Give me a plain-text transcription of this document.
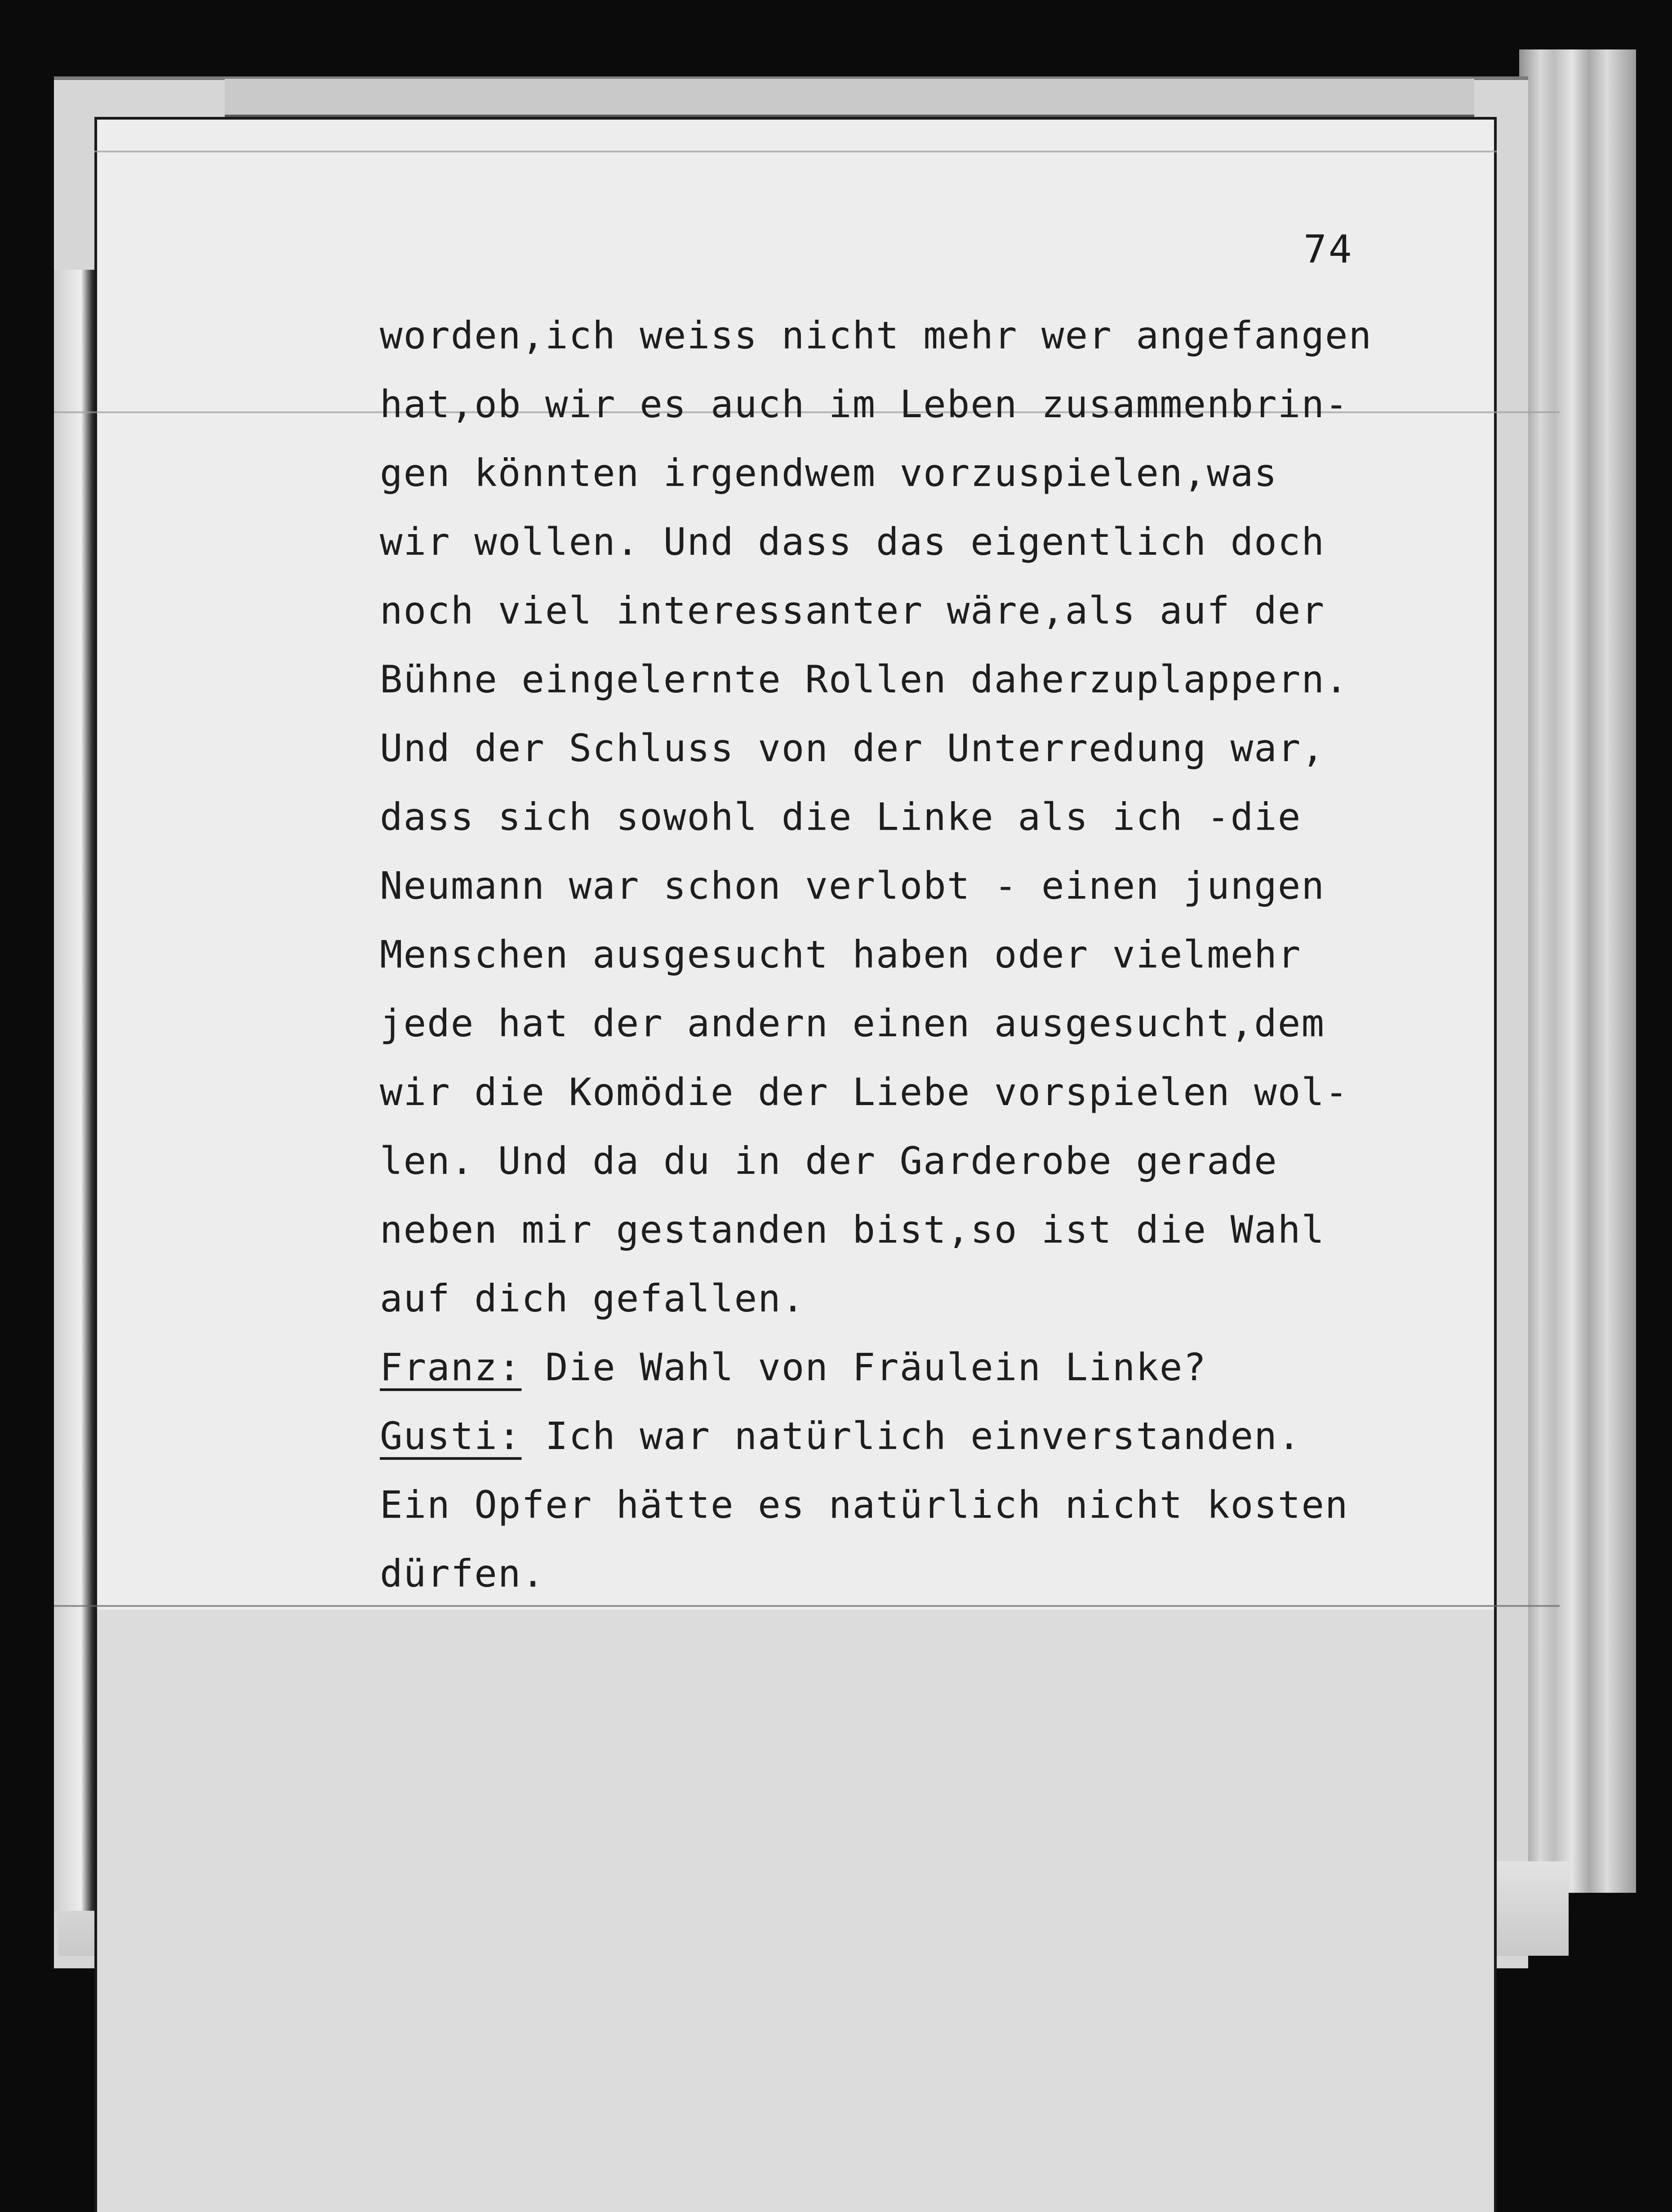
74
worden,ich weiss nicht mehr wer angefangen
hat,ob wir es auch im Leben zusammenbrin-
gen könnten irgendwem vorzuspielen,was
wir wollen. Und dass das eigentlich doch
noch viel interessanter wäre,als auf der
Bühne eingelernte Rollen daherzuplappern.
Und der Schluss von der Unterredung war,
dass sich sowohl die Linke als ich -die
Neumann war schon verlobt - einen jungen
Menschen ausgesucht haben oder vielmehr
jede hat der andern einen ausgesucht,dem
wir die Komödie der Liebe vorspielen wol-
len. Und da du in der Garderobe gerade
neben mir gestanden bist,so ist die Wahl
auf dich gefallen.
Franz: Die Wahl von Fräulein Linke?
Gusti: Ich war natürlich einverstanden.
Ein Opfer hätte es natürlich nicht kosten
dürfen.
